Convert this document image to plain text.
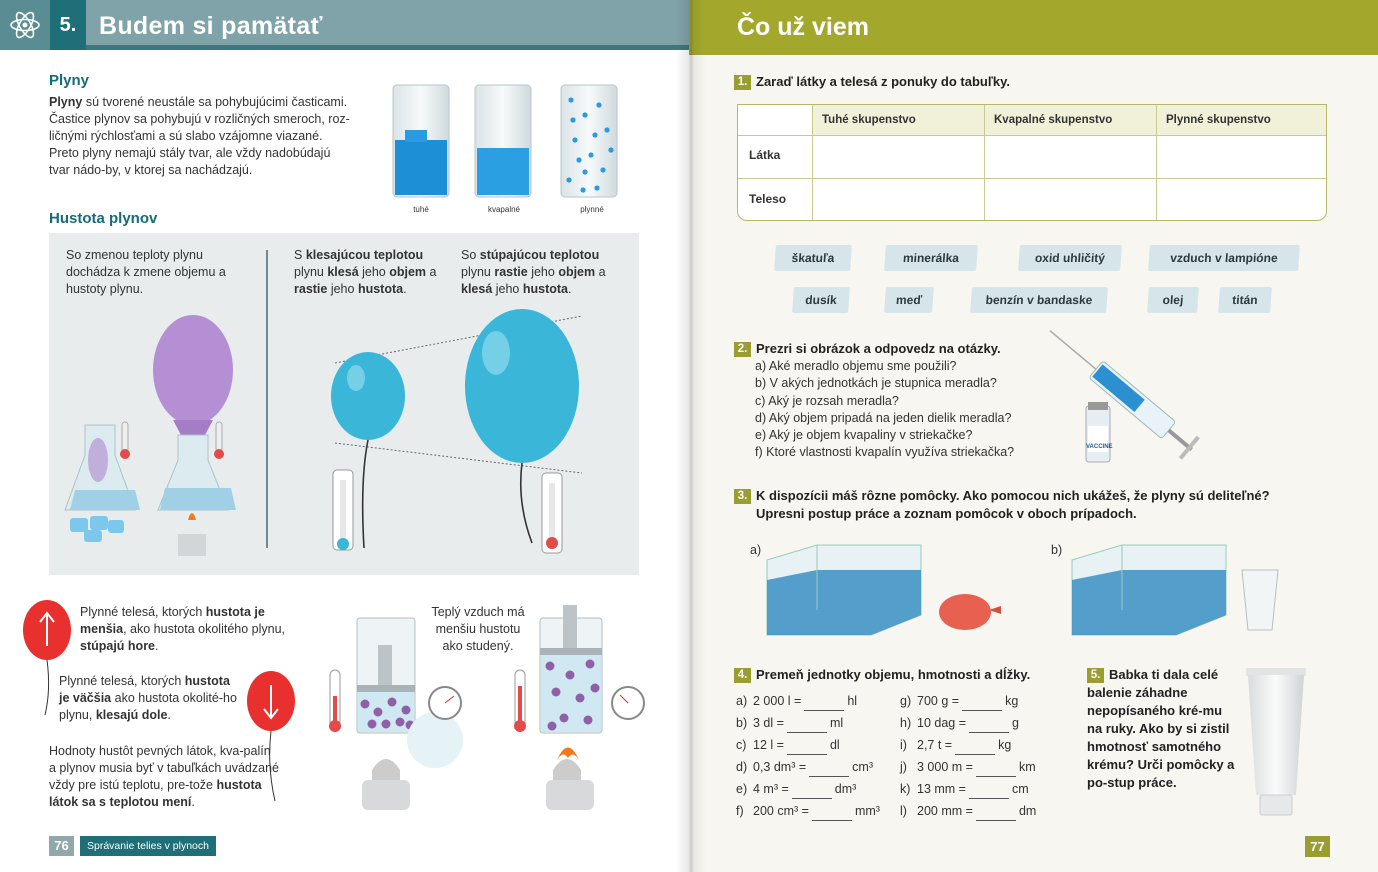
5. Budem si pamätať
Plyny
Plyny sú tvorené neustále sa pohybujúcimi časticami. Častice plynov sa pohybujú v rozličných smeroch, roz-ličnými rýchlosťami a sú slabo vzájomne viazané. Preto plyny nemajú stály tvar, ale vždy nadobúdajú tvar nádo-by, v ktorej sa nachádzajú.
tuhé	kvapalné	plynné
Hustota plynov
So zmenou teploty plynu dochádza k zmene objemu a hustoty plynu.
S klesajúcou teplotou plynu klesá jeho objem a rastie jeho hustota.
So stúpajúcou teplotou plynu rastie jeho objem a klesá jeho hustota.
Plynné telesá, ktorých hustota je menšia, ako hustota okolitého plynu, stúpajú hore.
Plynné telesá, ktorých hustota je väčšia ako hustota okolité-ho plynu, klesajú dole.
Hodnoty hustôt pevných látok, kva-palín a plynov musia byť v tabuľkách uvádzané vždy pre istú teplotu, pre-tože hustota látok sa s teplotou mení.
Teplý vzduch má menšiu hustotu ako studený.
76	Správanie telies v plynoch
Čo už viem
1. Zaraď látky a telesá z ponuky do tabuľky.
Tuhé skupenstvo	Kvapalné skupenstvo	Plynné skupenstvo
Látka
Teleso
škatuľa	minerálka	oxid uhličitý	vzduch v lampióne
dusík	meď	benzín v bandaske	olej	titán
2. Prezri si obrázok a odpovedz na otázky.
a) Aké meradlo objemu sme použili?
b) V akých jednotkách je stupnica meradla?
c) Aký je rozsah meradla?
d) Aký objem pripadá na jeden dielik meradla?
e) Aký je objem kvapaliny v striekačke?
f) Ktoré vlastnosti kvapalín využíva striekačka?	VACCINE
3. K dispozícii máš rôzne pomôcky. Ako pomocou nich ukážeš, že plyny sú deliteľné?
Upresni postup práce a zoznam pomôcok v oboch prípadoch.
a)	b)
4. Premeň jednotky objemu, hmotnosti a dĺžky.	5. Babka ti dala celé balenie záhadne nepopísaného kré-mu na ruky. Ako by si zistil hmotnosť samotného krému? Urči pomôcky a po-stup práce.
77
a) 2 000 l =	hl
b) 3 dl =	ml
c) 12 l =	dl
d) 0,3 dm³ =	cm³
e) 4 m³ =	dm³
f) 200 cm³ =	mm³
g) 700 g =	kg
h) 10 dag =	g
i) 2,7 t =	kg
j) 3 000 m =	km
k) 13 mm =	cm
l) 200 mm =	dm
